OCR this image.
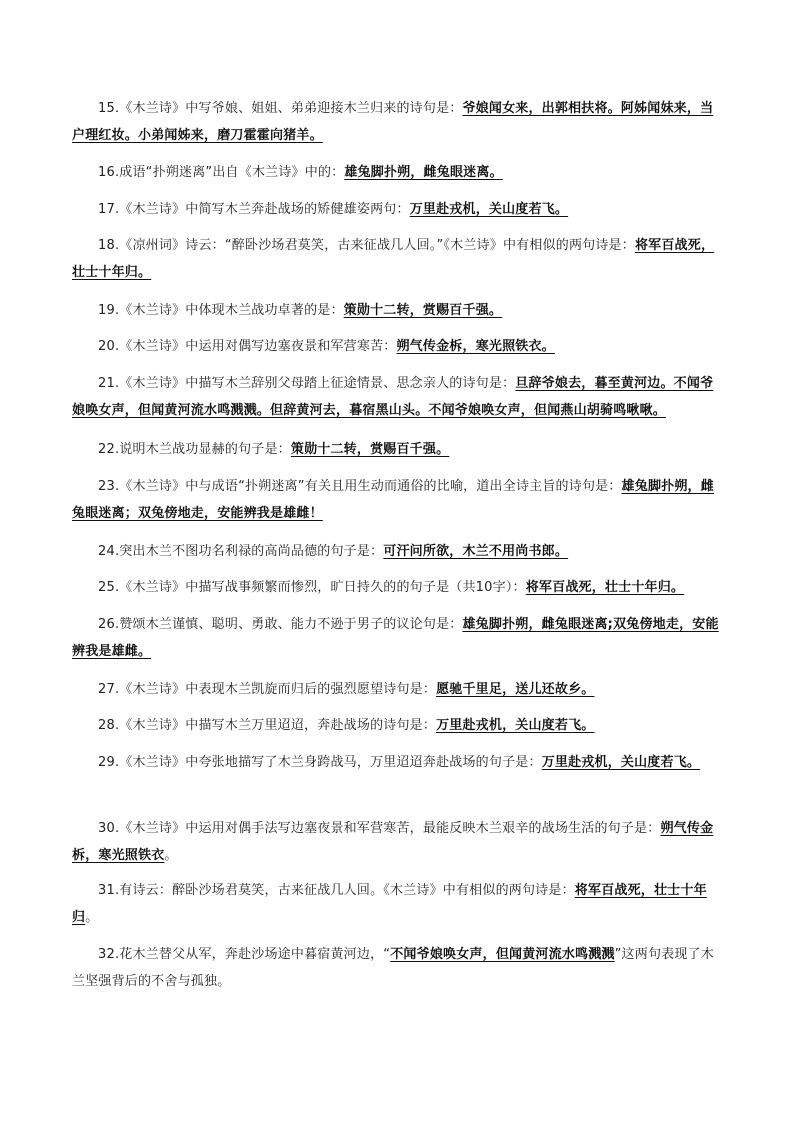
15.《木兰诗》中写爷娘、姐姐、弟弟迎接木兰归来的诗句是：爷娘闻女来，出郭相扶将。阿姊闻妹来，当户理红妆。小弟闻姊来，磨刀霍霍向猪羊。
16.成语“扑朔迷离”出自《木兰诗》中的：雄兔脚扑朔，雌兔眼迷离。
17.《木兰诗》中简写木兰奔赴战场的矫健雄姿两句：万里赴戎机，关山度若飞。
18.《凉州词》诗云：“醉卧沙场君莫笑，古来征战几人回。”《木兰诗》中有相似的两句诗是：将军百战死，壮士十年归。
19.《木兰诗》中体现木兰战功卓著的是：策勋十二转，赏赐百千强。
20.《木兰诗》中运用对偶写边塞夜景和军营寒苦：朔气传金柝，寒光照铁衣。
21.《木兰诗》中描写木兰辞别父母踏上征途情景、思念亲人的诗句是：旦辞爷娘去，暮至黄河边。不闻爷娘唤女声，但闻黄河流水鸣溅溅。但辞黄河去，暮宿黑山头。不闻爷娘唤女声，但闻燕山胡骑鸣啾啾。
22.说明木兰战功显赫的句子是：策勋十二转，赏赐百千强。
23.《木兰诗》中与成语“扑朔迷离”有关且用生动而通俗的比喻，道出全诗主旨的诗句是：雄兔脚扑朔，雌兔眼迷离；双兔傍地走，安能辨我是雄雌！
24.突出木兰不图功名利禄的高尚品德的句子是：可汗问所欲，木兰不用尚书郎。
25.《木兰诗》中描写战事频繁而惨烈，旷日持久的的句子是（共10字）：将军百战死，壮士十年归。
26.赞颂木兰谨慎、聪明、勇敢、能力不逊于男子的议论句是：雄兔脚扑朔，雌兔眼迷离;双兔傍地走，安能辨我是雄雌。
27.《木兰诗》中表现木兰凯旋而归后的强烈愿望诗句是：愿驰千里足，送儿还故乡。
28.《木兰诗》中描写木兰万里迢迢，奔赴战场的诗句是：万里赴戎机，关山度若飞。
29.《木兰诗》中夸张地描写了木兰身跨战马，万里迢迢奔赴战场的句子是：万里赴戎机，关山度若飞。
30.《木兰诗》中运用对偶手法写边塞夜景和军营寒苦，最能反映木兰艰辛的战场生活的句子是：朔气传金柝，寒光照铁衣。
31.有诗云：醉卧沙场君莫笑，古来征战几人回。《木兰诗》中有相似的两句诗是：将军百战死，壮士十年归。
32.花木兰替父从军，奔赴沙场途中暮宿黄河边，“不闻爷娘唤女声，但闻黄河流水鸣溅溅”这两句表现了木兰坚强背后的不舍与孤独。
